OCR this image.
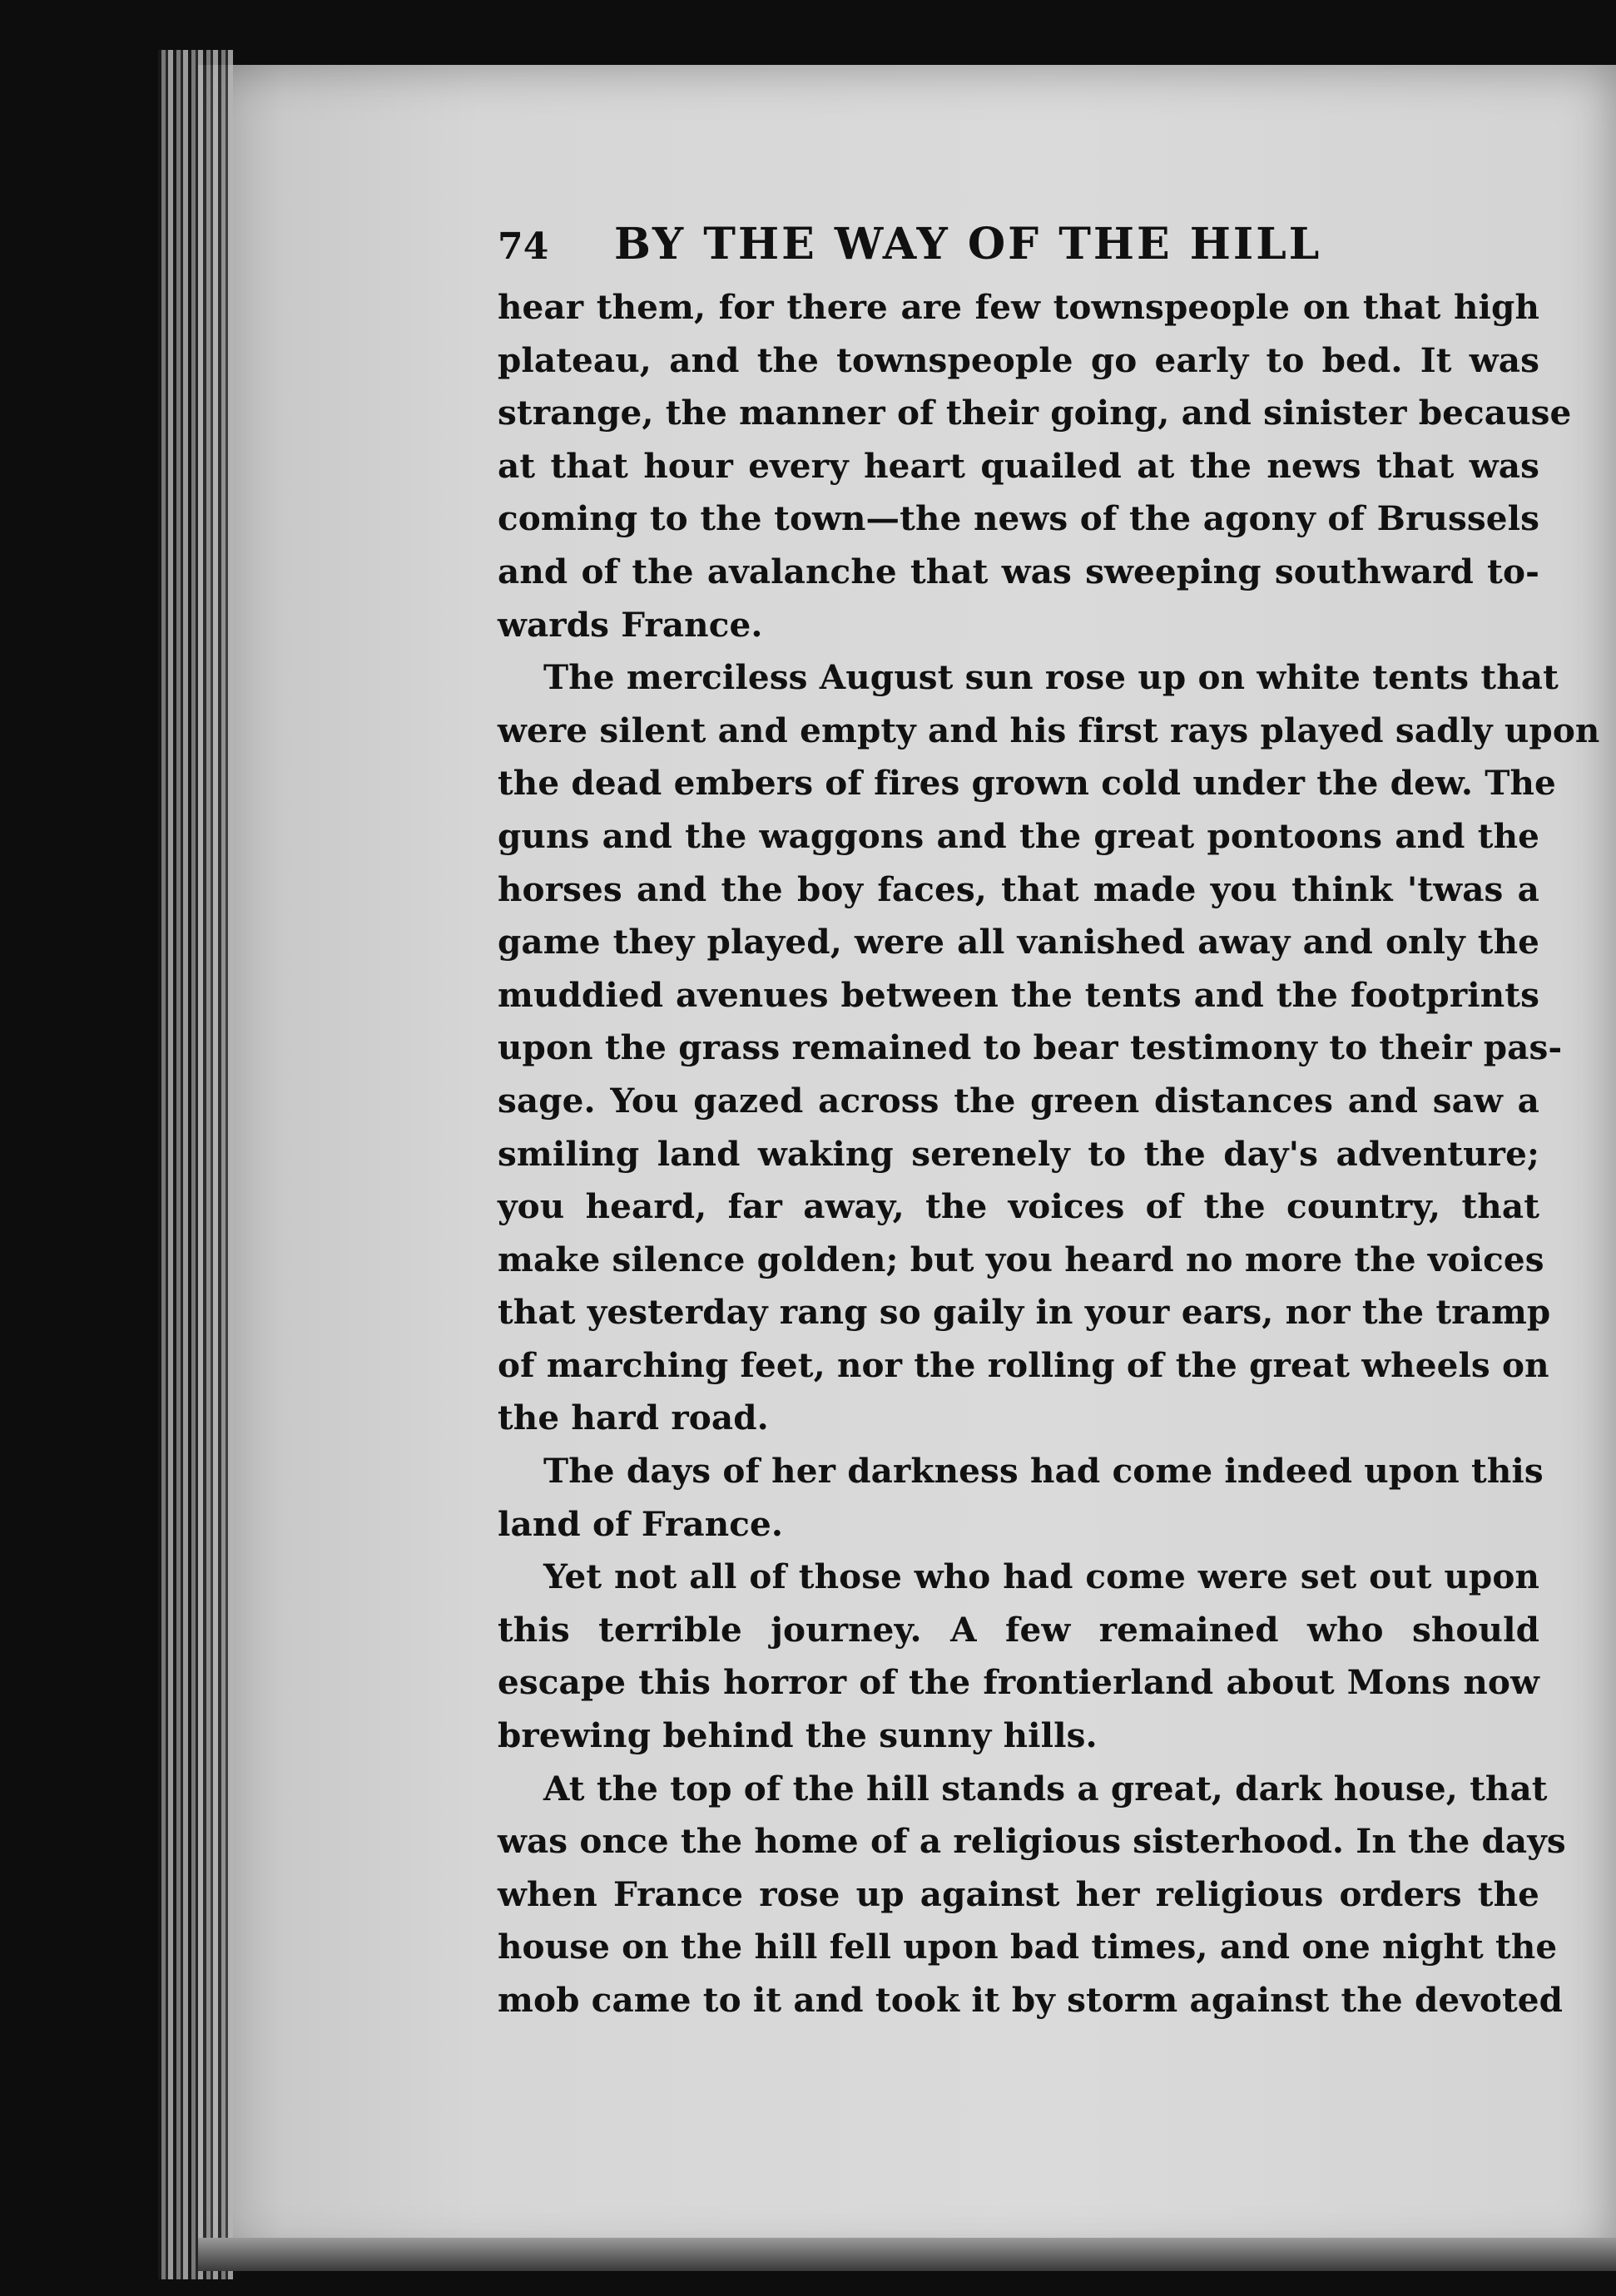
74	BY THE WAY OF THE HILL
hear them, for there are few townspeople on that high
plateau, and the townspeople go early to bed. It was
strange, the manner of their going, and sinister because
at that hour every heart quailed at the news that was
coming to the town—the news of the agony of Brussels
and of the avalanche that was sweeping southward to-
wards France.
The merciless August sun rose up on white tents that
were silent and empty and his first rays played sadly upon
the dead embers of fires grown cold under the dew. The
guns and the waggons and the great pontoons and the
horses and the boy faces, that made you think 'twas a
game they played, were all vanished away and only the
muddied avenues between the tents and the footprints
upon the grass remained to bear testimony to their pas-
sage. You gazed across the green distances and saw a
smiling land waking serenely to the day's adventure;
you heard, far away, the voices of the country, that
make silence golden; but you heard no more the voices
that yesterday rang so gaily in your ears, nor the tramp
of marching feet, nor the rolling of the great wheels on
the hard road.
The days of her darkness had come indeed upon this
land of France.
Yet not all of those who had come were set out upon
this terrible journey. A few remained who should
escape this horror of the frontierland about Mons now
brewing behind the sunny hills.
At the top of the hill stands a great, dark house, that
was once the home of a religious sisterhood. In the days
when France rose up against her religious orders the
house on the hill fell upon bad times, and one night the
mob came to it and took it by storm against the devoted
